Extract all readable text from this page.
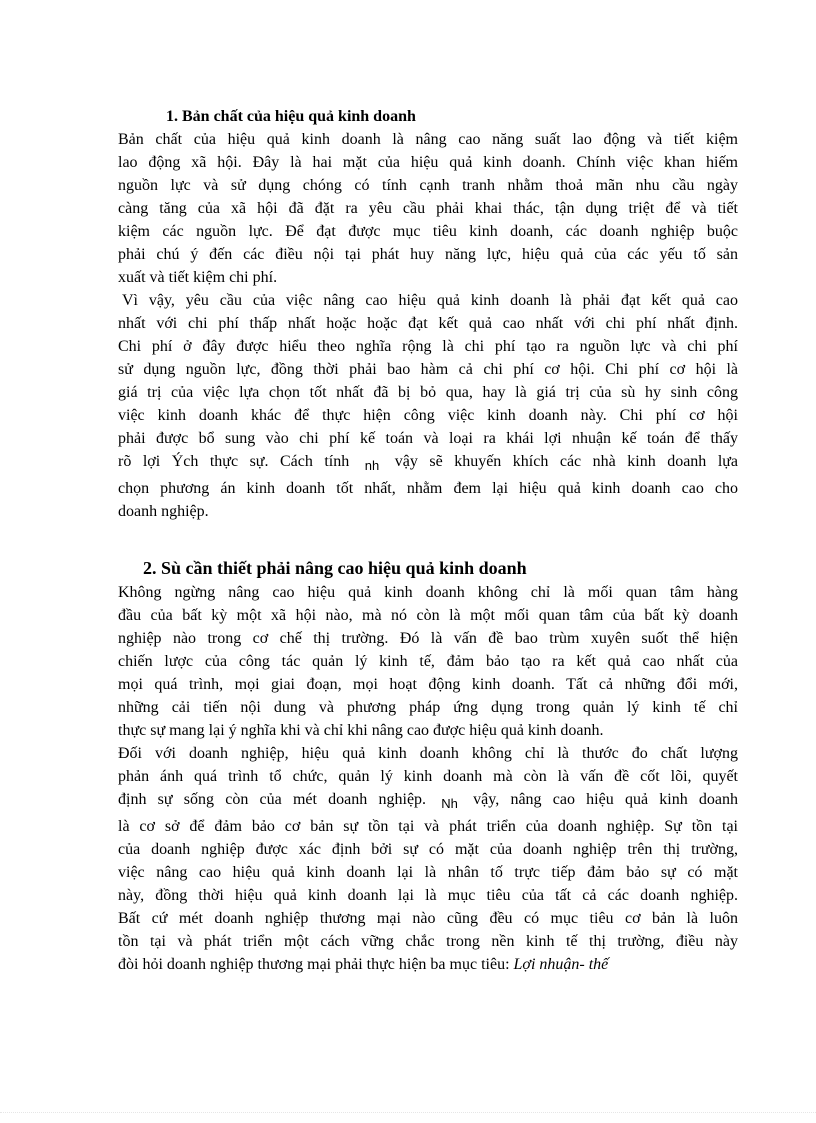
1. Bản chất của hiệu quả kinh doanh

Bản chất của hiệu quả kinh doanh là nâng cao năng suất lao động và tiết kiệm
lao động xã hội. Đây là hai mặt của hiệu quả kinh doanh. Chính việc khan hiếm
nguồn lực và sử dụng chóng có tính cạnh tranh nhằm thoả mãn nhu cầu ngày
càng tăng của xã hội đã đặt ra yêu cầu phải khai thác, tận dụng triệt để và tiết
kiệm các nguồn lực. Để đạt được mục tiêu kinh doanh, các doanh nghiệp buộc
phải chú ý đến các điều nội tại phát huy năng lực, hiệu quả của các yếu tố sản
xuất và tiết kiệm chi phí.

Vì vậy, yêu cầu của việc nâng cao hiệu quả kinh doanh là phải đạt kết quả cao
nhất với chi phí thấp nhất hoặc hoặc đạt kết quả cao nhất với chi phí nhất định.
Chi phí ở đây được hiểu theo nghĩa rộng là chi phí tạo ra nguồn lực và chi phí
sử dụng nguồn lực, đồng thời phải bao hàm cả chi phí cơ hội. Chi phí cơ hội là
giá trị của việc lựa chọn tốt nhất đã bị bỏ qua, hay là giá trị của sù hy sinh công
việc kinh doanh khác để thực hiện công việc kinh doanh này. Chi phí cơ hội
phải được bổ sung vào chi phí kế toán và loại ra khái lợi nhuận kế toán để thấy
rõ lợi Ých thực sự. Cách tính $_{nh}$ vậy sẽ khuyến khích các nhà kinh doanh lựa
chọn phương án kinh doanh tốt nhất, nhằm đem lại hiệu quả kinh doanh cao cho
doanh nghiệp.

2. Sù cần thiết phải nâng cao hiệu quả kinh doanh

Không ngừng nâng cao hiệu quả kinh doanh không chỉ là mối quan tâm hàng
đầu của bất kỳ một xã hội nào, mà nó còn là một mối quan tâm của bất kỳ doanh
nghiệp nào trong cơ chế thị trường. Đó là vấn đề bao trùm xuyên suốt thể hiện
chiến lược của công tác quản lý kinh tế, đảm bảo tạo ra kết quả cao nhất của
mọi quá trình, mọi giai đoạn, mọi hoạt động kinh doanh. Tất cả những đổi mới,
những cải tiến nội dung và phương pháp ứng dụng trong quản lý kinh tế chỉ
thực sự mang lại ý nghĩa khi và chỉ khi nâng cao được hiệu quả kinh doanh.

Đối với doanh nghiệp, hiệu quả kinh doanh không chỉ là thước đo chất lượng
phản ánh quá trình tổ chức, quản lý kinh doanh mà còn là vấn đề cốt lõi, quyết
định sự sống còn của mét doanh nghiệp. $_{Nh}$ vậy, nâng cao hiệu quả kinh doanh
là cơ sở để đảm bảo cơ bản sự tồn tại và phát triển của doanh nghiệp. Sự tồn tại
của doanh nghiệp được xác định bởi sự có mặt của doanh nghiệp trên thị trường,
việc nâng cao hiệu quả kinh doanh lại là nhân tố trực tiếp đảm bảo sự có mặt
này, đồng thời hiệu quả kinh doanh lại là mục tiêu của tất cả các doanh nghiệp.
Bất cứ mét doanh nghiệp thương mại nào cũng đều có mục tiêu cơ bản là luôn
tồn tại và phát triển một cách vững chắc trong nền kinh tế thị trường, điều này
đòi hỏi doanh nghiệp thương mại phải thực hiện ba mục tiêu: Lợi nhuận- thế
